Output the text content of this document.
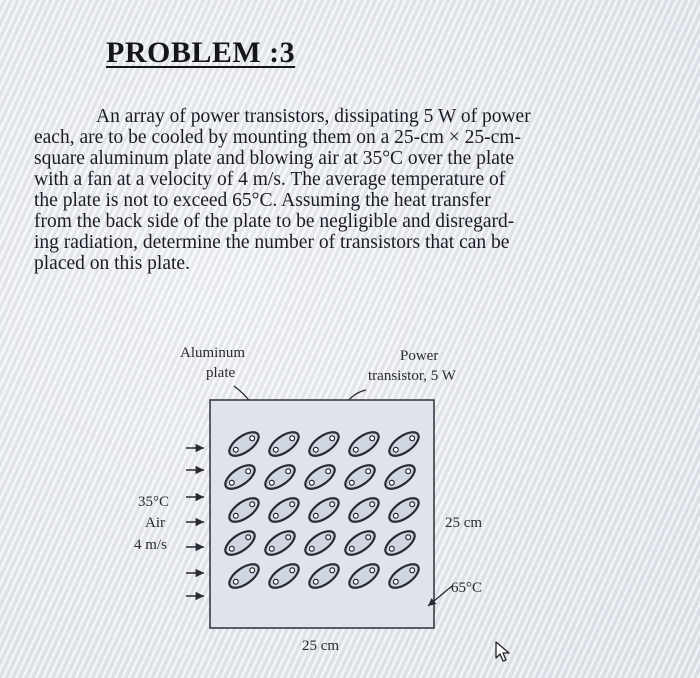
PROBLEM :3
An array of power transistors, dissipating 5 W of power
each, are to be cooled by mounting them on a 25-cm × 25-cm-
square aluminum plate and blowing air at 35°C over the plate
with a fan at a velocity of 4 m/s. The average temperature of
the plate is not to exceed 65°C. Assuming the heat transfer
from the back side of the plate to be negligible and disregard-
ing radiation, determine the number of transistors that can be
placed on this plate.
Aluminum
plate
Power
transistor, 5 W
35°C
Air
4 m/s
25 cm
25 cm
65°C
